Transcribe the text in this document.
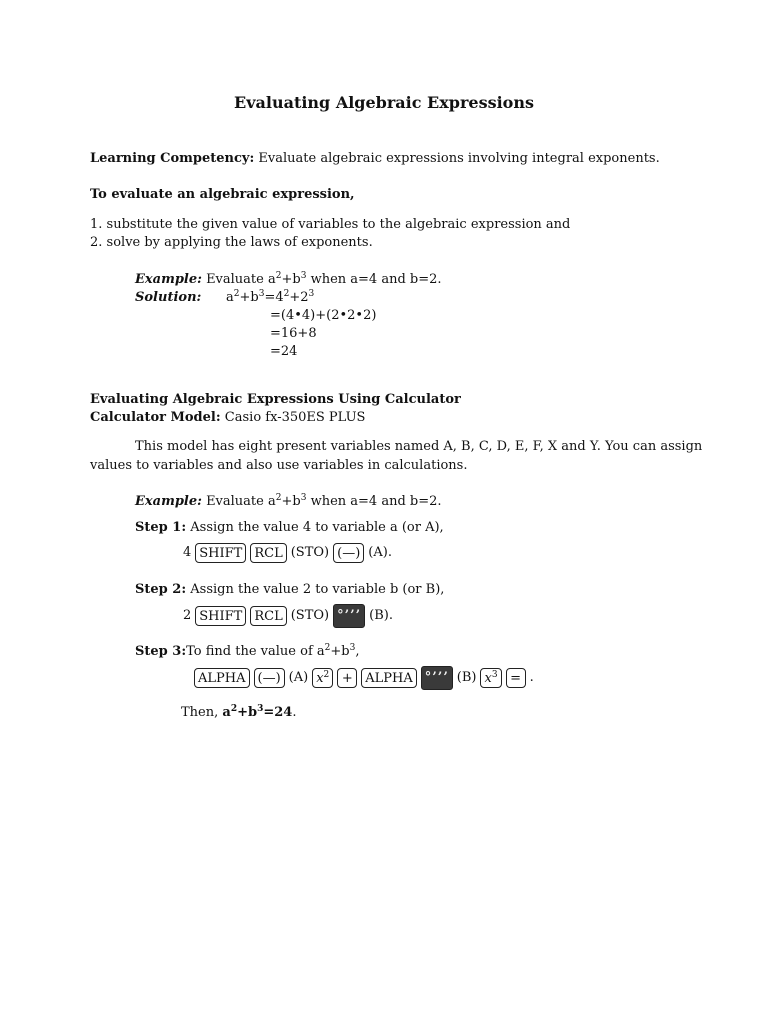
Evaluating Algebraic Expressions
Learning Competency: Evaluate algebraic expressions involving integral exponents.
To evaluate an algebraic expression,
1. substitute the given value of variables to the algebraic expression and
2. solve by applying the laws of exponents.
Example: Evaluate $a^2+b^3$ when a=4 and b=2.
Solution: $a^2+b^3=4^2+2^3$
=(4•4)+(2•2•2)
=16+8
=24
Evaluating Algebraic Expressions Using Calculator
Calculator Model: Casio fx-350ES PLUS
This model has eight present variables named A, B, C, D, E, F, X and Y. You can assign
values to variables and also use variables in calculations.
Example: Evaluate $a^2+b^3$ when a=4 and b=2.
Step 1: Assign the value 4 to variable a (or A),
4 SHIFT RCL (STO) (—) (A).
Step 2: Assign the value 2 to variable b (or B),
2 SHIFT RCL (STO) °’’’ (B).
Step 3:To find the value of $a^2+b^3$,
ALPHA (—) (A) $x^2$ + ALPHA °’’’ (B) $x^3$ = .
Then, $a^2+b^3=24$.
